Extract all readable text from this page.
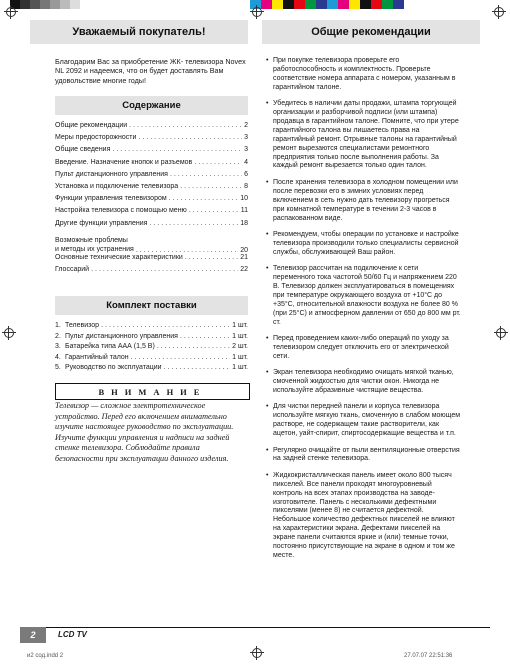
Уважаемый покупатель!	Общие рекомендации
Благодарим Вас за приобретение ЖК- телевизора Novex NL 2092 и надеемся, что он будет доставлять Вам удовольствие многие годы!
Содержание
Общие рекомендации .....	2
Меры предосторожности .....	3
Общие сведения .....	3
Введение. Назначение кнопок и разъемов .....	4
Пульт дистанционного управления .....	6
Установка и подключение телевизора .....	8
Функции управления телевизором .....	10
Настройка телевизора с помощью меню .....	11
Другие функции управления .....	18
Возможные проблемы
и методы их устранения .....	20
Основные технические характеристики .....	21
Глоссарий .....	22
Комплект поставки
1. Телевизор .....	1 шт.
2. Пульт дистанционного управления .....	1 шт.
3. Батарейка типа ААА (1,5 В) .....	2 шт.
4. Гарантийный талон .....	1 шт.
5. Руководство по эксплуатации .....	1 шт.
ВНИМАНИЕ
Телевизор — сложное электротехническое устройство. Перед его включением внимательно изучите настоящее руководство по эксплуатации. Изучите функции управления и надписи на задней стенке телевизора. Соблюдайте правила безопасности при эксплуатации данного изделия.
• При покупке телевизора проверьте его работоспособность и комплектность. Проверьте соответствие номера аппарата с номером, указанным в гарантийном талоне.
• Убедитесь в наличии даты продажи, штампа торгующей организации и разборчивой подписи (или штампа) продавца в гарантийном талоне. Помните, что при утере гарантийного талона вы лишаетесь права на гарантийный ремонт. Отрывные талоны на гарантийный ремонт вырезаются специалистами ремонтного предприятия только после выполнения работы. За каждый ремонт вырезается только один талон.
• После хранения телевизора в холодном помещении или после перевозки его в зимних условиях перед включением в сеть нужно дать телевизору прогреться при комнатной температуре в течении 2-3 часов в распакованном виде.
• Рекомендуем, чтобы операции по установке и настройке телевизора производили только специалисты сервисной службы, обслуживающей Ваш район.
• Телевизор рассчитан на подключение к сети переменного тока частотой 50/60 Гц и напряжением 220 В. Телевизор должен эксплуатироваться в помещениях при температуре окружающего воздуха от +10°С до +35°С, относительной влажности воздуха не более 80 % (при 25°С) и атмосферном давлении от 650 до 800 мм рт. ст.
• Перед проведением каких-либо операций по уходу за телевизором следует отключить его от электрической сети.
• Экран телевизора необходимо очищать мягкой тканью, смоченной жидкостью для чистки окон. Никогда не используйте абразивные чистящие вещества.
• Для чистки передней панели и корпуса телевизора используйте мягкую ткань, смоченную в слабом моющем растворе, не содержащем такие растворители, как ацетон, уайт-спирит, спиртосодержащие вещества и т.п.
• Регулярно очищайте от пыли вентиляционные отверстия на задней стенке телевизора.
• Жидкокристаллическая панель имеет около 800 тысяч пикселей. Все панели проходят многоуровневый контроль на всех этапах производства на заводе-изготовителе. Панель с несколькими дефектными пикселями (менее 8) не считается дефектной. Небольшое количество дефектных пикселей не влияют на характеристики экрана. Дефектами пикселей на экране панели считаются яркие и (или) темные точки, постоянно присутствующие на экране в одном и том же месте.
2	LCD TV
и2 сод.indd 2	27.07.07 22:51:36
